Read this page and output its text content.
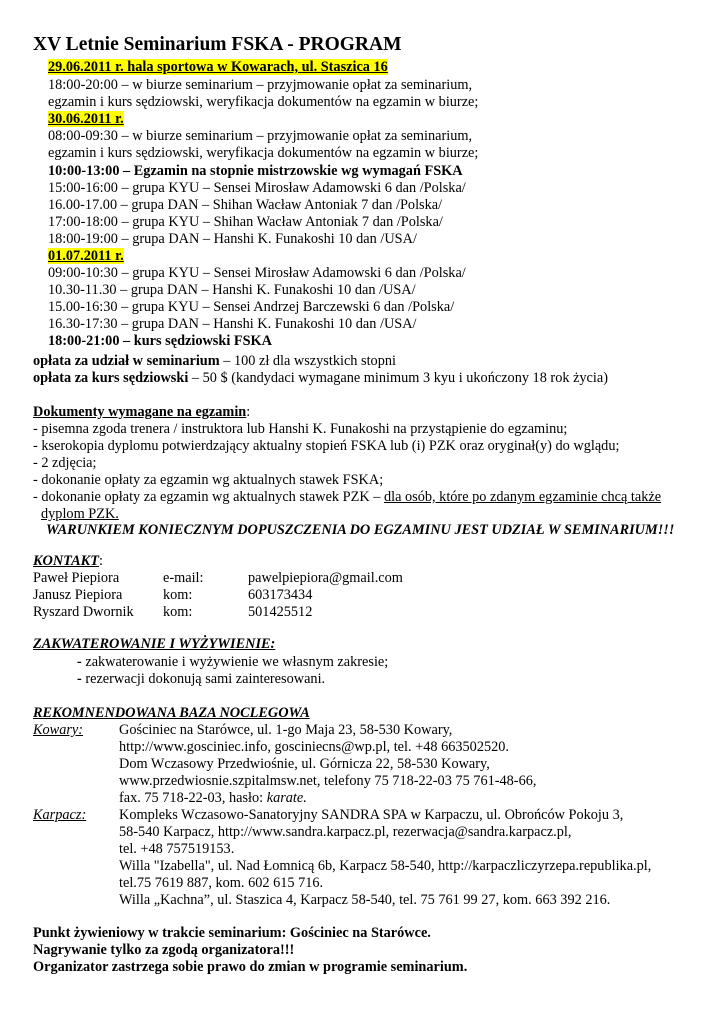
XV Letnie Seminarium FSKA - PROGRAM
29.06.2011 r. hala sportowa w Kowarach, ul. Staszica 16
18:00-20:00 – w biurze seminarium – przyjmowanie opłat za seminarium,
egzamin i kurs sędziowski, weryfikacja dokumentów na egzamin w biurze;
30.06.2011 r.
08:00-09:30 – w biurze seminarium – przyjmowanie opłat za seminarium,
egzamin i kurs sędziowski, weryfikacja dokumentów na egzamin w biurze;
10:00-13:00 – Egzamin na stopnie mistrzowskie wg wymagań FSKA
15:00-16:00 – grupa KYU – Sensei Mirosław Adamowski 6 dan /Polska/
16.00-17.00 – grupa DAN – Shihan Wacław Antoniak 7 dan /Polska/
17:00-18:00 – grupa KYU – Shihan Wacław Antoniak 7 dan /Polska/
18:00-19:00 – grupa DAN – Hanshi K. Funakoshi 10 dan /USA/
01.07.2011 r.
09:00-10:30 – grupa KYU – Sensei Mirosław Adamowski 6 dan /Polska/
10.30-11.30 – grupa DAN – Hanshi K. Funakoshi 10 dan /USA/
15.00-16:30 – grupa KYU – Sensei Andrzej Barczewski 6 dan /Polska/
16.30-17:30 – grupa DAN – Hanshi K. Funakoshi 10 dan /USA/
18:00-21:00 – kurs sędziowski FSKA
opłata za udział w seminarium – 100 zł dla wszystkich stopni
opłata za kurs sędziowski – 50 $ (kandydaci wymagane minimum 3 kyu i ukończony 18 rok życia)
Dokumenty wymagane na egzamin:
- pisemna zgoda trenera / instruktora lub Hanshi K. Funakoshi na przystąpienie do egzaminu;
- kserokopia dyplomu potwierdzający aktualny stopień FSKA lub (i) PZK oraz oryginał(y) do wglądu;
- 2 zdjęcia;
- dokonanie opłaty za egzamin wg aktualnych stawek FSKA;
- dokonanie opłaty za egzamin wg aktualnych stawek PZK – dla osób, które po zdanym egzaminie chcą także
dyplom PZK.
WARUNKIEM KONIECZNYM DOPUSZCZENIA DO EGZAMINU JEST UDZIAŁ W SEMINARIUM!!!
KONTAKT:
Paweł Piepiora	e-mail:	pawelpiepiora@gmail.com
Janusz Piepiora	kom:	603173434
Ryszard Dwornik kom:	501425512
ZAKWATEROWANIE I WYŻYWIENIE:
- zakwaterowanie i wyżywienie we własnym zakresie;
- rezerwacji dokonują sami zainteresowani.
REKOMNENDOWANA BAZA NOCLEGOWA
Kowary:	Gościniec na Starówce, ul. 1-go Maja 23, 58-530 Kowary,
http://www.gosciniec.info, gosciniecns@wp.pl, tel. +48 663502520.
Dom Wczasowy Przedwiośnie, ul. Górnicza 22, 58-530 Kowary,
www.przedwiosnie.szpitalmsw.net, telefony 75 718-22-03 75 761-48-66,
fax. 75 718-22-03, hasło: karate.
Karpacz: Kompleks Wczasowo-Sanatoryjny SANDRA SPA w Karpaczu, ul. Obrońców Pokoju 3,
58-540 Karpacz, http://www.sandra.karpacz.pl, rezerwacja@sandra.karpacz.pl,
tel. +48 757519153.
Willa "Izabella", ul. Nad Łomnicą 6b, Karpacz 58-540, http://karpaczliczyrzepa.republika.pl,
tel.75 7619 887, kom. 602 615 716.
Willa „Kachna”, ul. Staszica 4, Karpacz 58-540, tel. 75 761 99 27, kom. 663 392 216.
Punkt żywieniowy w trakcie seminarium: Gościniec na Starówce.
Nagrywanie tylko za zgodą organizatora!!!
Organizator zastrzega sobie prawo do zmian w programie seminarium.
